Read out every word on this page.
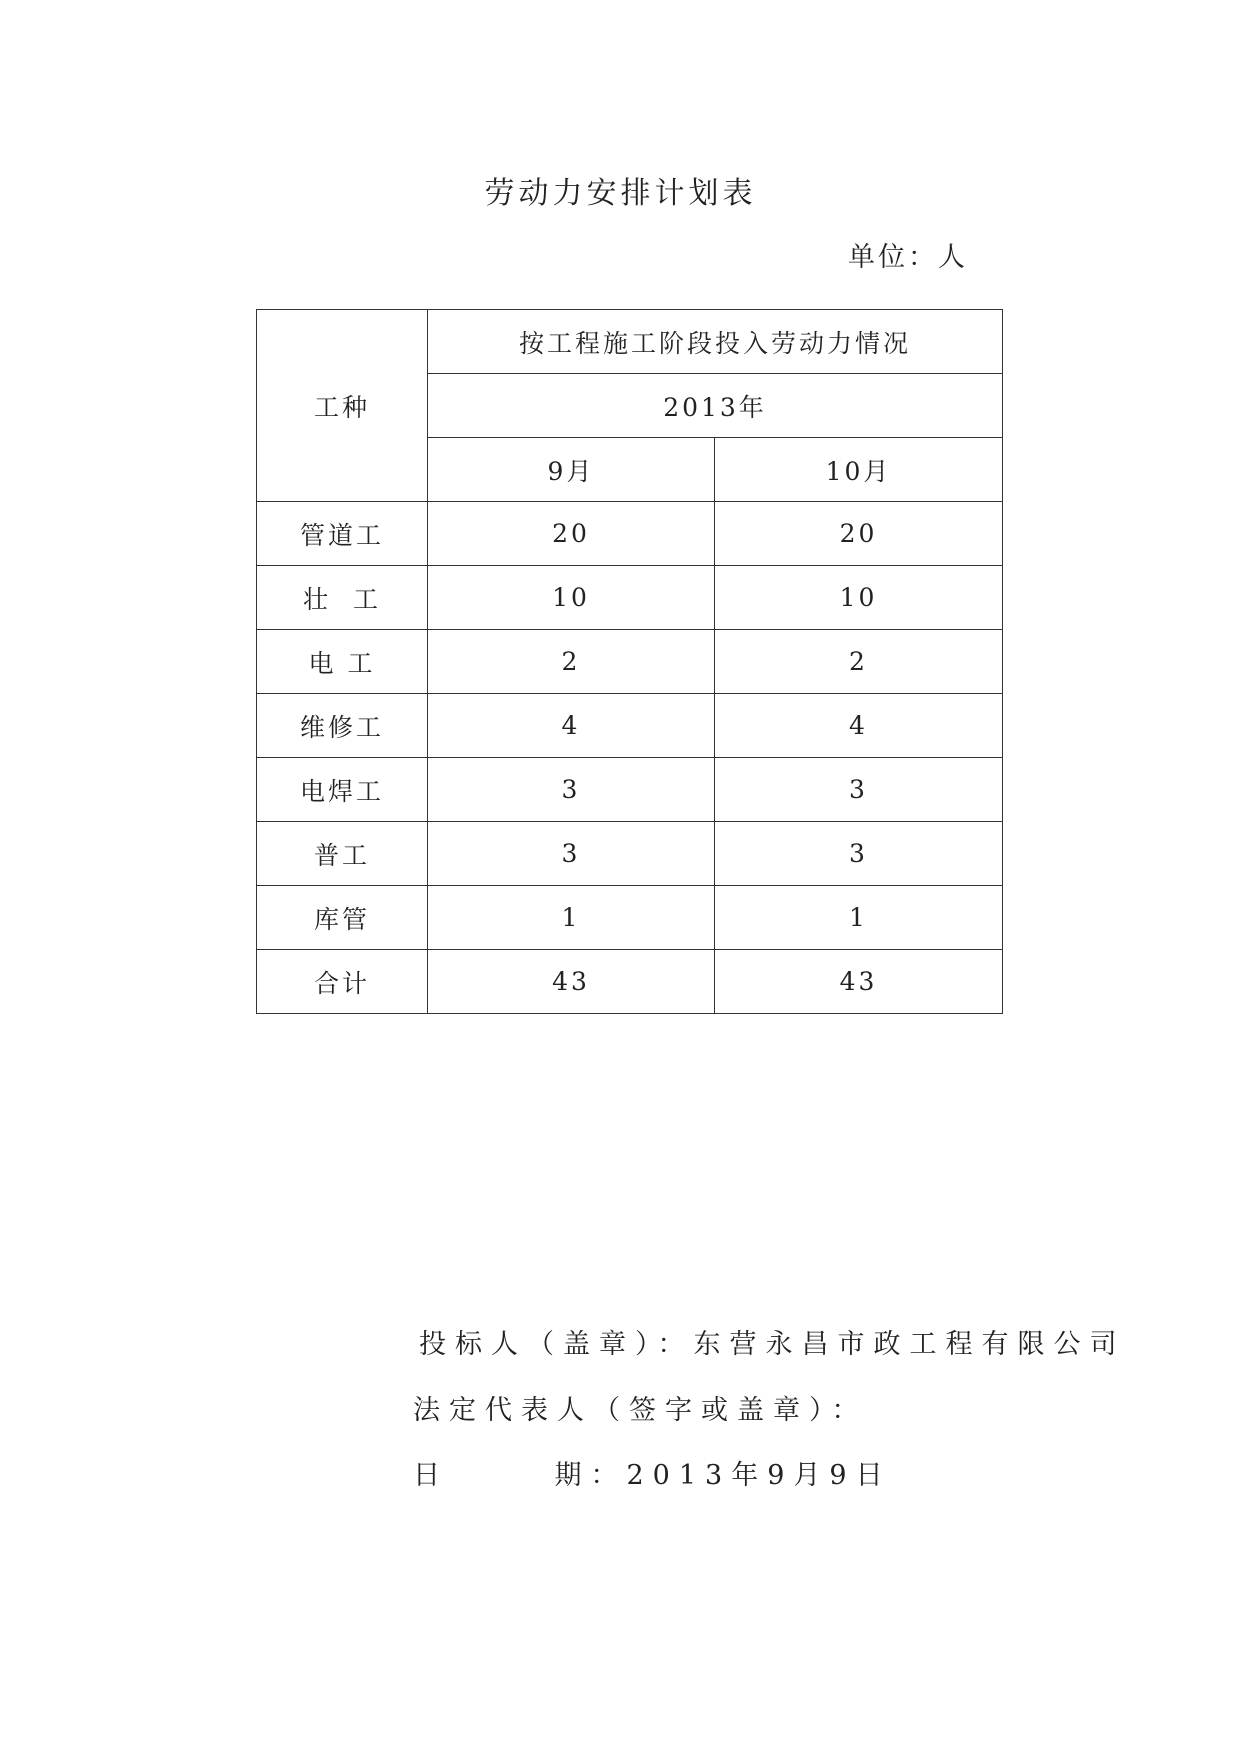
劳动力安排计划表
单位：人
工种	按工程施工阶段投入劳动力情况	
	2013年	
	9月	10月
管道工	20	20
壮  工	10	10
电 工	2	2
维修工	4	4
电焊工	3	3
普工	3	3
库管	1	1
合计	43	43
投标人（盖章）：东营永昌市政工程有限公司
法定代表人（签字或盖章）：
日      期：2013年9月9日
